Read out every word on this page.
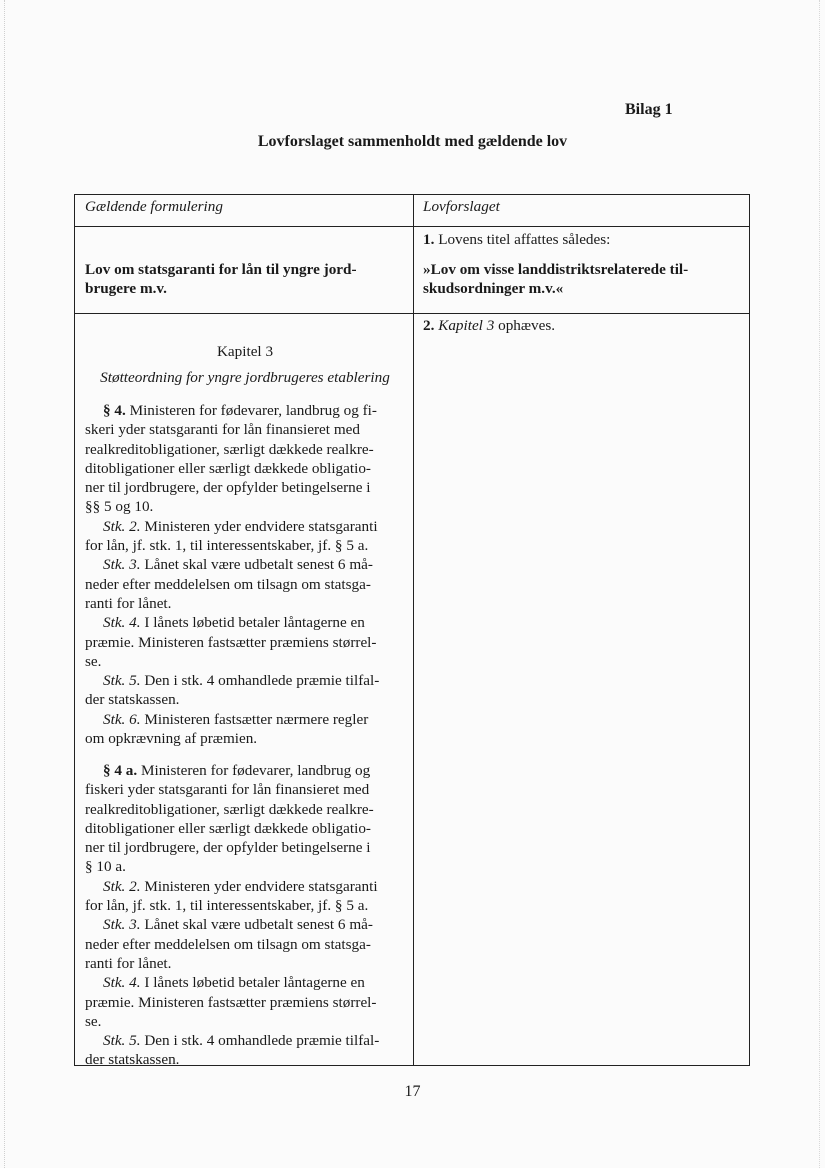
Bilag 1
Lovforslaget sammenholdt med gældende lov
Gældende formulering	Lovforslaget
1. Lovens titel affattes således:
Lov om statsgaranti for lån til yngre jord-
brugere m.v.
»Lov om visse landdistriktsrelaterede til-
skudsordninger m.v.«
2. Kapitel 3 ophæves.
Kapitel 3
Støtteordning for yngre jordbrugeres etablering

§ 4. Ministeren for fødevarer, landbrug og fi-
skeri yder statsgaranti for lån finansieret med
realkreditobligationer, særligt dækkede realkre-
ditobligationer eller særligt dækkede obligatio-
ner til jordbrugere, der opfylder betingelserne i
§§ 5 og 10.

Stk. 2. Ministeren yder endvidere statsgaranti
for lån, jf. stk. 1, til interessentskaber, jf. § 5 a.

Stk. 3. Lånet skal være udbetalt senest 6 må-
neder efter meddelelsen om tilsagn om statsga-
ranti for lånet.

Stk. 4. I lånets løbetid betaler låntagerne en
præmie. Ministeren fastsætter præmiens størrel-
se.

Stk. 5. Den i stk. 4 omhandlede præmie tilfal-
der statskassen.

Stk. 6. Ministeren fastsætter nærmere regler
om opkrævning af præmien.

§ 4 a. Ministeren for fødevarer, landbrug og
fiskeri yder statsgaranti for lån finansieret med
realkreditobligationer, særligt dækkede realkre-
ditobligationer eller særligt dækkede obligatio-
ner til jordbrugere, der opfylder betingelserne i
§ 10 a.

Stk. 2. Ministeren yder endvidere statsgaranti
for lån, jf. stk. 1, til interessentskaber, jf. § 5 a.

Stk. 3. Lånet skal være udbetalt senest 6 må-
neder efter meddelelsen om tilsagn om statsga-
ranti for lånet.

Stk. 4. I lånets løbetid betaler låntagerne en
præmie. Ministeren fastsætter præmiens størrel-
se.

Stk. 5. Den i stk. 4 omhandlede præmie tilfal-
der statskassen.

17
